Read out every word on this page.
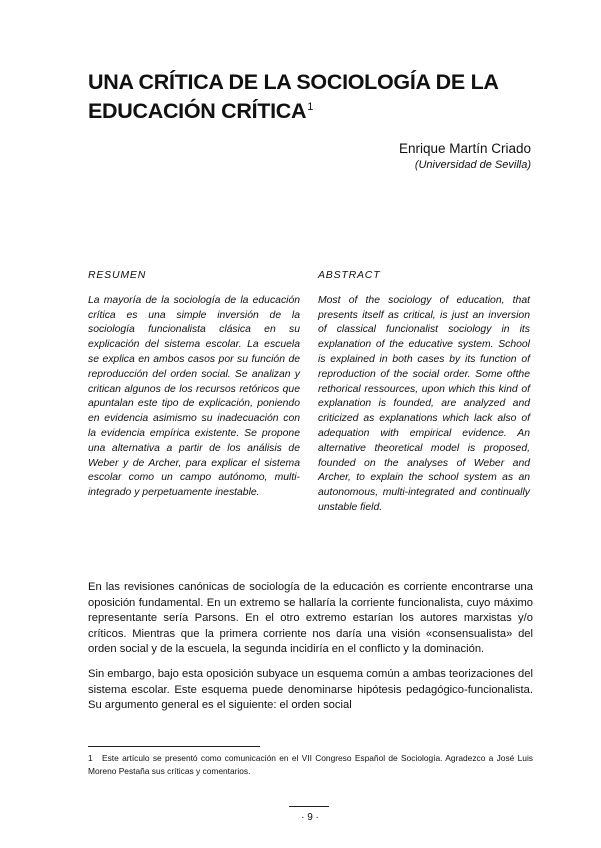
UNA CRÍTICA DE LA SOCIOLOGÍA DE LA EDUCACIÓN CRÍTICA$^1$
Enrique Martín Criado
(Universidad de Sevilla)
RESUMEN

La mayoría de la sociología de la educación crítica es una simple inversión de la sociología funcionalista clásica en su explicación del sistema escolar. La escuela se explica en ambos casos por su función de reproducción del orden social. Se analizan y critican algunos de los recursos retóricos que apuntalan este tipo de explicación, poniendo en evidencia asimismo su inadecuación con la evidencia empírica existente. Se propone una alternativa a partir de los análisis de Weber y de Archer, para explicar el sistema escolar como un campo autónomo, multi-integrado y perpetuamente inestable.

ABSTRACT

Most of the sociology of education, that presents itself as critical, is just an inversion of classical funcionalist sociology in its explanation of the educative system. School is explained in both cases by its function of reproduction of the social order. Some ofthe rethorical ressources, upon which this kind of explanation is founded, are analyzed and criticized as explanations which lack also of adequation with empirical evidence. An alternative theoretical model is proposed, founded on the analyses of Weber and Archer, to explain the school system as an autonomous, multi-integrated and continually unstable field.

En las revisiones canónicas de sociología de la educación es corriente encontrarse una oposición fundamental. En un extremo se hallaría la corriente funcionalista, cuyo máximo representante sería Parsons. En el otro extremo estarían los autores marxistas y/o críticos. Mientras que la primera corriente nos daría una visión «consensualista» del orden social y de la escuela, la segunda incidiría en el conflicto y la dominación.

Sin embargo, bajo esta oposición subyace un esquema común a ambas teorizaciones del sistema escolar. Este esquema puede denominarse hipótesis pedagógico-funcionalista. Su argumento general es el siguiente: el orden social

1 Este artículo se presentó como comunicación en el VII Congreso Español de Sociología. Agradezco a José Luis Moreno Pestaña sus críticas y comentarios.
· 9 ·
